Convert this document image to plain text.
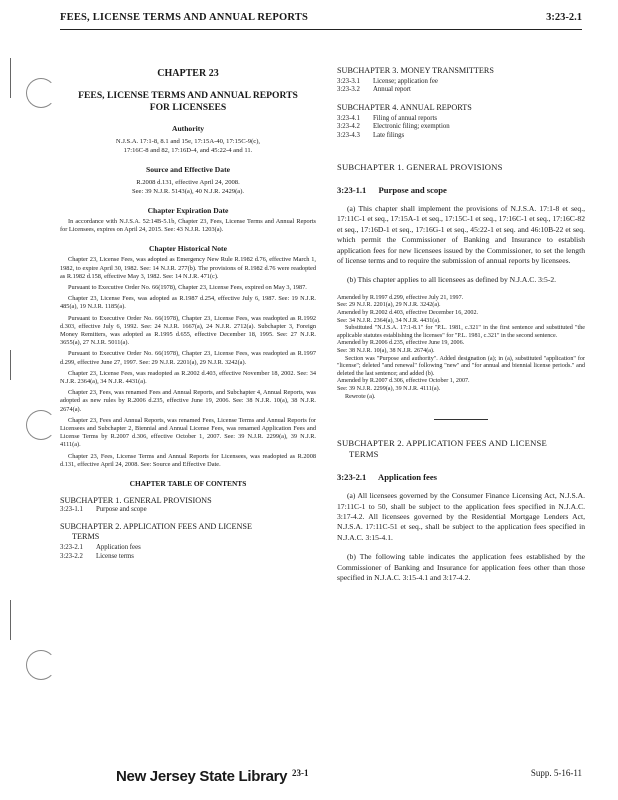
FEES, LICENSE TERMS AND ANNUAL REPORTS	3:23-2.1
CHAPTER 23
FEES, LICENSE TERMS AND ANNUAL REPORTS
FOR LICENSEES
Authority
N.J.S.A. 17:1-8, 8.1 and 15e, 17:15A-40, 17:15C-9(c),
17:16C-8 and 82, 17:16D-4, and 45:22-4 and 11.
Source and Effective Date
R.2008 d.131, effective April 24, 2008.
See: 39 N.J.R. 5143(a), 40 N.J.R. 2429(a).
Chapter Expiration Date
In accordance with N.J.S.A. 52:14B-5.1b, Chapter 23, Fees, License Terms and Annual Reports for Licensees, expires on April 24, 2015. See: 43 N.J.R. 1203(a).
Chapter Historical Note
Chapter 23, License Fees, was adopted as Emergency New Rule R.1982 d.76, effective March 1, 1982, to expire April 30, 1982. See: 14 N.J.R. 277(b). The provisions of R.1982 d.76 were readopted as R.1982 d.158, effective May 3, 1982. See: 14 N.J.R. 471(c).
Pursuant to Executive Order No. 66(1978), Chapter 23, License Fees, expired on May 3, 1987.
Chapter 23, License Fees, was adopted as R.1987 d.254, effective July 6, 1987. See: 19 N.J.R. 485(a), 19 N.J.R. 1185(a).
Pursuant to Executive Order No. 66(1978), Chapter 23, License Fees, was readopted as R.1992 d.303, effective July 6, 1992. See: 24 N.J.R. 1667(a), 24 N.J.R. 2712(a). Subchapter 3, Foreign Money Remitters, was adopted as R.1995 d.655, effective December 18, 1995. See: 27 N.J.R. 3655(a), 27 N.J.R. 5011(a).
Pursuant to Executive Order No. 66(1978), Chapter 23, License Fees, was readopted as R.1997 d.299, effective June 27, 1997. See: 29 N.J.R. 2201(a), 29 N.J.R. 3242(a).
Chapter 23, License Fees, was readopted as R.2002 d.403, effective November 18, 2002. See: 34 N.J.R. 2364(a), 34 N.J.R. 4431(a).
Chapter 23, Fees, was renamed Fees and Annual Reports, and Subchapter 4, Annual Reports, was adopted as new rules by R.2006 d.235, effective June 19, 2006. See: 38 N.J.R. 10(a), 38 N.J.R. 2674(a).
Chapter 23, Fees and Annual Reports, was renamed Fees, License Terms and Annual Reports for Licensees and Subchapter 2, Biennial and Annual License Fees, was renamed Application Fees and License Terms by R.2007 d.306, effective October 1, 2007. See: 39 N.J.R. 2299(a), 39 N.J.R. 4111(a).
Chapter 23, Fees, License Terms and Annual Reports for Licensees, was readopted as R.2008 d.131, effective April 24, 2008. See: Source and Effective Date.
CHAPTER TABLE OF CONTENTS
SUBCHAPTER 1. GENERAL PROVISIONS
3:23-1.1	Purpose and scope
SUBCHAPTER 2. APPLICATION FEES AND LICENSE
TERMS
3:23-2.1	Application fees
3:23-2.2	License terms
SUBCHAPTER 3. MONEY TRANSMITTERS
3:23-3.1	License; application fee
3:23-3.2	Annual report
SUBCHAPTER 4. ANNUAL REPORTS
3:23-4.1	Filing of annual reports
3:23-4.2	Electronic filing; exemption
3:23-4.3	Late filings
SUBCHAPTER 1. GENERAL PROVISIONS
3:23-1.1 Purpose and scope

(a) This chapter shall implement the provisions of N.J.S.A. 17:1-8 et seq., 17:11C-1 et seq., 17:15A-1 et seq., 17:15C-1 et seq., 17:16C-1 et seq., 17:16C-82 et seq., 17:16D-1 et seq., 17:16G-1 et seq., 45:22-1 et seq. and 46:10B-22 et seq. which permit the Commissioner of Banking and Insurance to establish application fees for new licensees issued by the Commissioner, to set the length of license terms and to require the submission of annual reports by licensees.

(b) This chapter applies to all licensees as defined by N.J.A.C. 3:5-2.

Amended by R.1997 d.299, effective July 21, 1997.
See: 29 N.J.R. 2201(a), 29 N.J.R. 3242(a).
Amended by R.2002 d.403, effective December 16, 2002.
See: 34 N.J.R. 2364(a), 34 N.J.R. 4431(a).
Substituted "N.J.S.A. 17:1-8.1" for "P.L. 1981, c.321" in the first sentence and substituted "the applicable statutes establishing the licenses" for "P.L. 1981, c.321" in the second sentence.
Amended by R.2006 d.235, effective June 19, 2006.
See: 38 N.J.R. 10(a), 38 N.J.R. 2674(a).
Section was "Purpose and authority". Added designation (a); in (a), substituted "application" for "license"; deleted "and renewal" following "new" and "for annual and biennial license periods." and deleted the last sentence; and added (b).
Amended by R.2007 d.306, effective October 1, 2007.
See: 39 N.J.R. 2299(a), 39 N.J.R. 4111(a).
Rewrote (a).
SUBCHAPTER 2. APPLICATION FEES AND LICENSE
TERMS
3:23-2.1 Application fees

(a) All licensees governed by the Consumer Finance Licensing Act, N.J.S.A. 17:11C-1 to 50, shall be subject to the application fees specified in N.J.A.C. 3:17-4.2. All licensees governed by the Residential Mortgage Lenders Act, N.J.S.A. 17:11C-51 et seq., shall be subject to the application fees specified in N.J.A.C. 3:15-4.1.

(b) The following table indicates the application fees established by the Commissioner of Banking and Insurance for application fees other than those specified in N.J.A.C. 3:15-4.1 and 3:17-4.2.

New Jersey State Library 23-1	Supp. 5-16-11
